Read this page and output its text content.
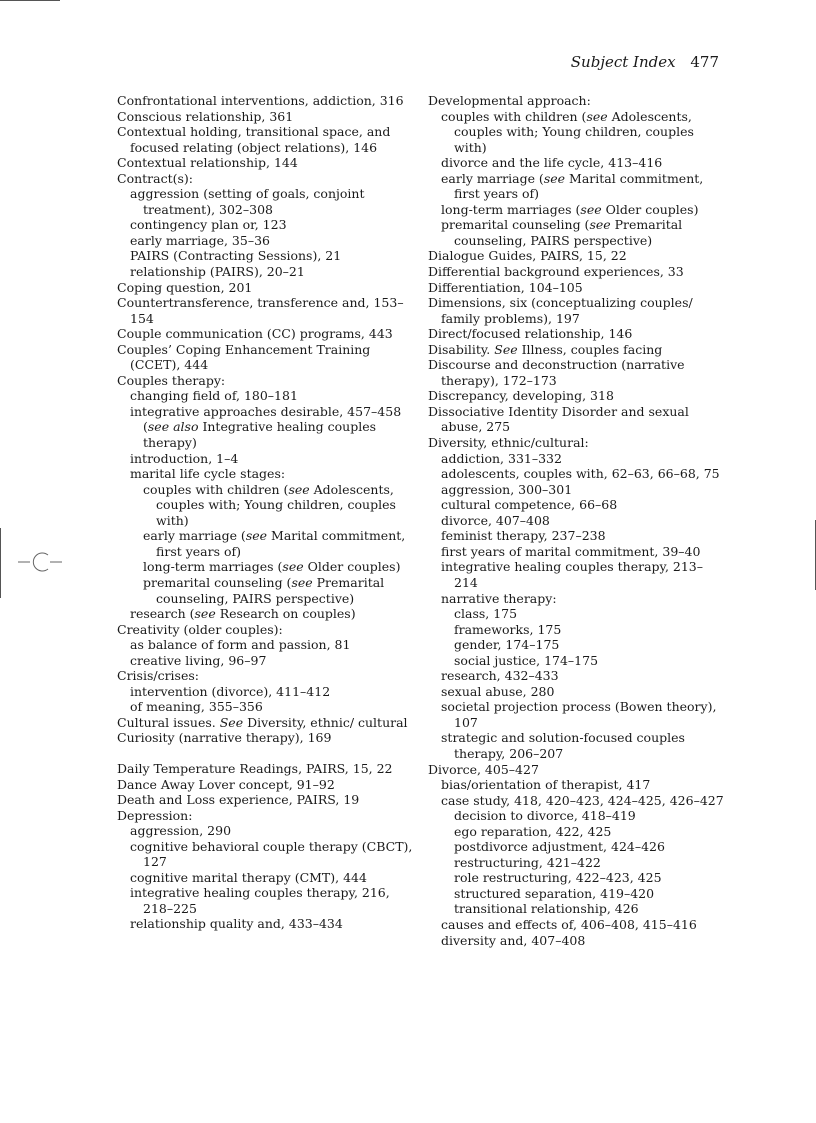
Subject Index 477
Confrontational interventions, addiction, 316
Conscious relationship, 361
Contextual holding, transitional space, and focused relating (object relations), 146
Contextual relationship, 144
Contract(s):
aggression (setting of goals, conjoint treatment), 302–308
contingency plan or, 123
early marriage, 35–36
PAIRS (Contracting Sessions), 21
relationship (PAIRS), 20–21
Coping question, 201
Countertransference, transference and, 153–154
Couple communication (CC) programs, 443
Couples’ Coping Enhancement Training (CCET), 444
Couples therapy:
changing field of, 180–181
integrative approaches desirable, 457–458 (see also Integrative healing couples therapy)
introduction, 1–4
marital life cycle stages:
couples with children (see Adolescents, couples with; Young children, couples with)
early marriage (see Marital commitment, first years of)
long-term marriages (see Older couples)
premarital counseling (see Premarital counseling, PAIRS perspective)
research (see Research on couples)
Creativity (older couples):
as balance of form and passion, 81
creative living, 96–97
Crisis/crises:
intervention (divorce), 411–412
of meaning, 355–356
Cultural issues. See Diversity, ethnic/ cultural
Curiosity (narrative therapy), 169
Daily Temperature Readings, PAIRS, 15, 22
Dance Away Lover concept, 91–92
Death and Loss experience, PAIRS, 19
Depression:
aggression, 290
cognitive behavioral couple therapy (CBCT), 127
cognitive marital therapy (CMT), 444
integrative healing couples therapy, 216, 218–225
relationship quality and, 433–434
Developmental approach:
couples with children (see Adolescents, couples with; Young children, couples with)
divorce and the life cycle, 413–416
early marriage (see Marital commitment, first years of)
long-term marriages (see Older couples)
premarital counseling (see Premarital counseling, PAIRS perspective)
Dialogue Guides, PAIRS, 15, 22
Differential background experiences, 33
Differentiation, 104–105
Dimensions, six (conceptualizing couples/ family problems), 197
Direct/focused relationship, 146
Disability. See Illness, couples facing
Discourse and deconstruction (narrative therapy), 172–173
Discrepancy, developing, 318
Dissociative Identity Disorder and sexual abuse, 275
Diversity, ethnic/cultural:
addiction, 331–332
adolescents, couples with, 62–63, 66–68, 75
aggression, 300–301
cultural competence, 66–68
divorce, 407–408
feminist therapy, 237–238
first years of marital commitment, 39–40
integrative healing couples therapy, 213–214
narrative therapy:
class, 175
frameworks, 175
gender, 174–175
social justice, 174–175
research, 432–433
sexual abuse, 280
societal projection process (Bowen theory), 107
strategic and solution-focused couples therapy, 206–207
Divorce, 405–427
bias/orientation of therapist, 417
case study, 418, 420–423, 424–425, 426–427
decision to divorce, 418–419
ego reparation, 422, 425
postdivorce adjustment, 424–426
restructuring, 421–422
role restructuring, 422–423, 425
structured separation, 419–420
transitional relationship, 426
causes and effects of, 406–408, 415–416
diversity and, 407–408
